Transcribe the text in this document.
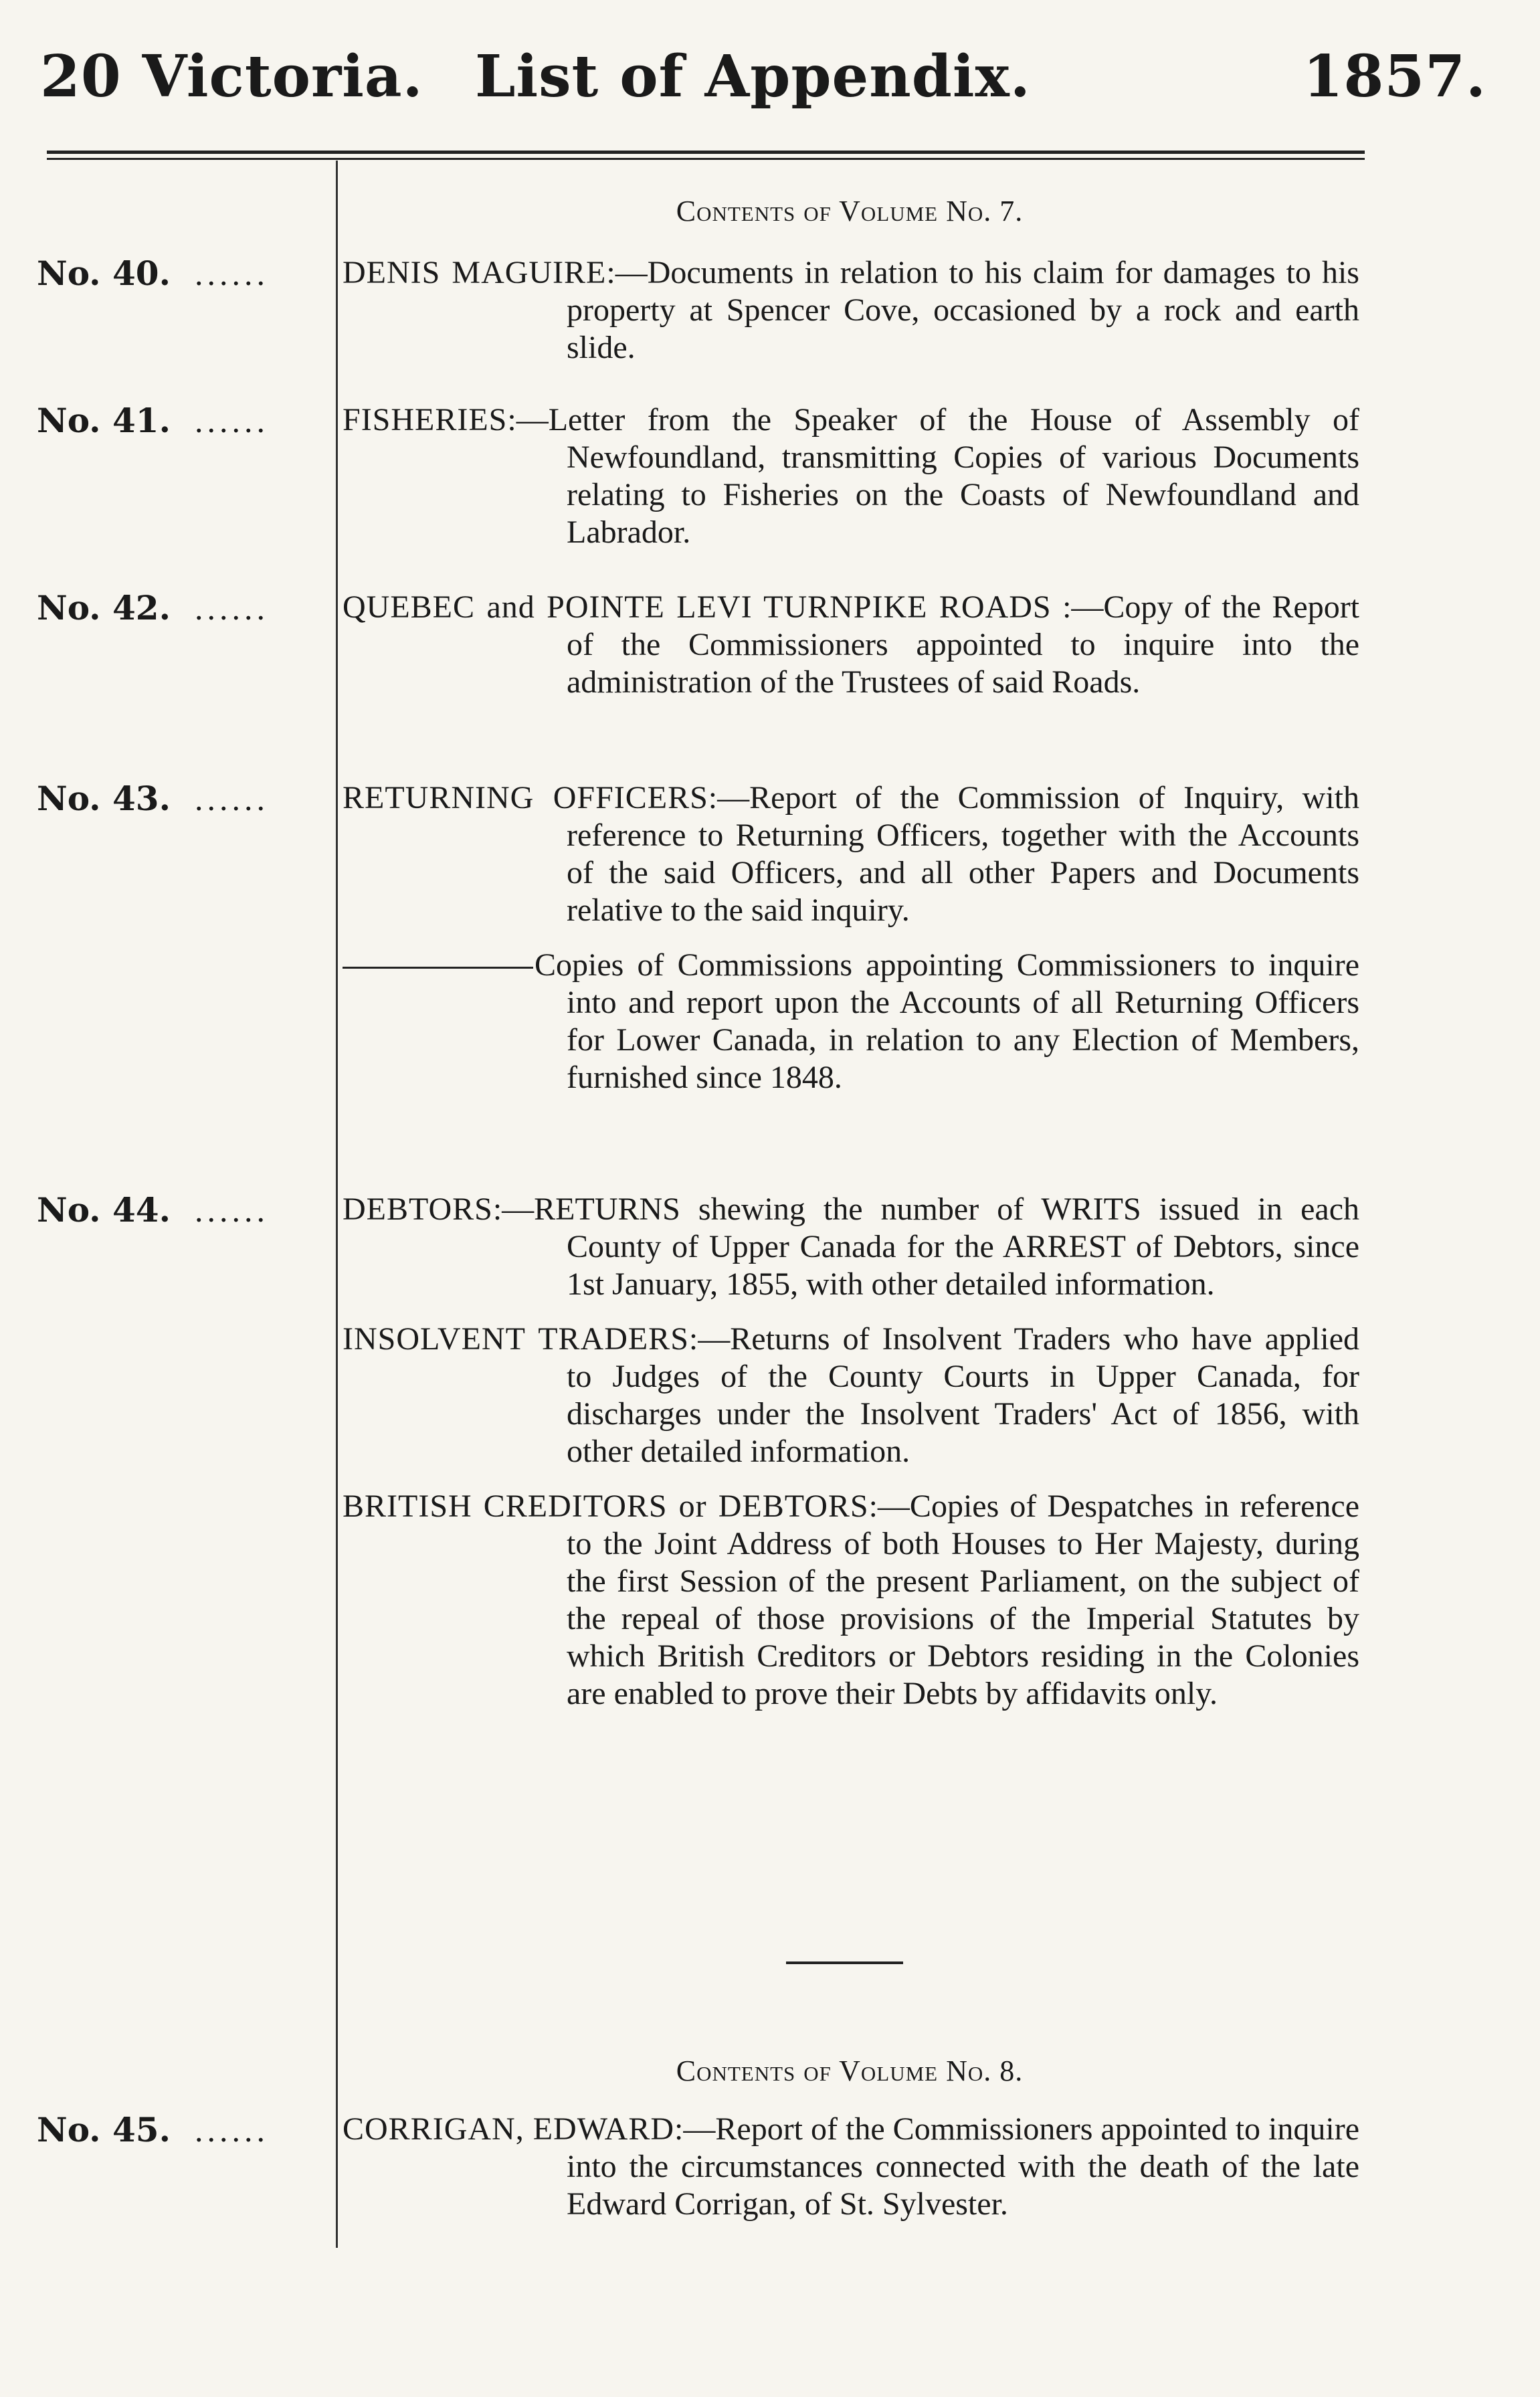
20 Victoria. List of Appendix.	1857.
Contents of Volume No. 7.
No. 40. ......	DENIS MAGUIRE:—Documents in relation to his claim for damages to his property at Spencer Cove, occasioned by a rock and earth slide.

No. 41. ......	FISHERIES:—Letter from the Speaker of the House of Assembly of Newfoundland, transmitting Copies of various Documents relating to Fisheries on the Coasts of Newfoundland and Labrador.

No. 42. ......	QUEBEC and POINTE LEVI TURNPIKE ROADS :—Copy of the Report of the Commissioners appointed to inquire into the administration of the Trustees of said Roads.

No. 43. ......	RETURNING OFFICERS:—Report of the Commission of Inquiry, with reference to Returning Officers, together with the Accounts of the said Officers, and all other Papers and Documents relative to the said inquiry.

Copies of Commissions appointing Commissioners to inquire into and report upon the Accounts of all Returning Officers for Lower Canada, in relation to any Election of Members, furnished since 1848.

No. 44. ......	DEBTORS:—RETURNS shewing the number of WRITS issued in each County of Upper Canada for the ARREST of Debtors, since 1st January, 1855, with other detailed information.

INSOLVENT TRADERS:—Returns of Insolvent Traders who have applied to Judges of the County Courts in Upper Canada, for discharges under the Insolvent Traders' Act of 1856, with other detailed information.

BRITISH CREDITORS or DEBTORS:—Copies of Despatches in reference to the Joint Address of both Houses to Her Majesty, during the first Session of the present Parliament, on the subject of the repeal of those provisions of the Imperial Statutes by which British Creditors or Debtors residing in the Colonies are enabled to prove their Debts by affidavits only.

Contents of Volume No. 8.
No. 45. ......	CORRIGAN, EDWARD:—Report of the Commissioners appointed to inquire into the circumstances connected with the death of the late Edward Corrigan, of St. Sylvester.
